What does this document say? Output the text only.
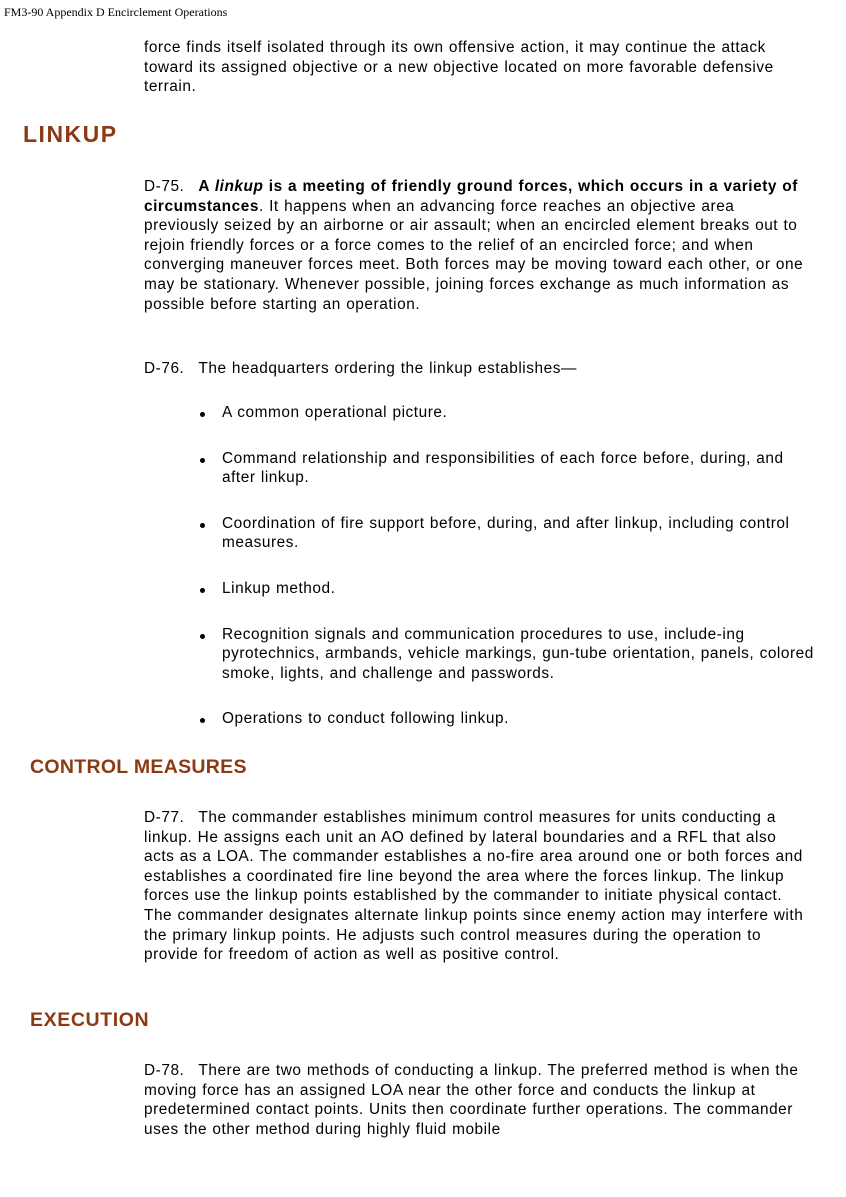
FM3-90 Appendix D Encirclement Operations

force finds itself isolated through its own offensive action, it may continue the attack toward its assigned objective or a new objective located on more favorable defensive terrain.

LINKUP

D-75. A linkup is a meeting of friendly ground forces, which occurs in a variety of circumstances. It happens when an advancing force reaches an objective area previously seized by an airborne or air assault; when an encircled element breaks out to rejoin friendly forces or a force comes to the relief of an encircled force; and when converging maneuver forces meet. Both forces may be moving toward each other, or one may be stationary. Whenever possible, joining forces exchange as much information as possible before starting an operation.

D-76. The headquarters ordering the linkup establishes—

A common operational picture.
Command relationship and responsibilities of each force before, during, and after linkup.
Coordination of fire support before, during, and after linkup, including control measures.
Linkup method.
Recognition signals and communication procedures to use, include-ing pyrotechnics, armbands, vehicle markings, gun-tube orientation, panels, colored smoke, lights, and challenge and passwords.
Operations to conduct following linkup.
CONTROL MEASURES

D-77. The commander establishes minimum control measures for units conducting a linkup. He assigns each unit an AO defined by lateral boundaries and a RFL that also acts as a LOA. The commander establishes a no-fire area around one or both forces and establishes a coordinated fire line beyond the area where the forces linkup. The linkup forces use the linkup points established by the commander to initiate physical contact. The commander designates alternate linkup points since enemy action may interfere with the primary linkup points. He adjusts such control measures during the operation to provide for freedom of action as well as positive control.

EXECUTION

D-78. There are two methods of conducting a linkup. The preferred method is when the moving force has an assigned LOA near the other force and conducts the linkup at predetermined contact points. Units then coordinate further operations. The commander uses the other method during highly fluid mobile
